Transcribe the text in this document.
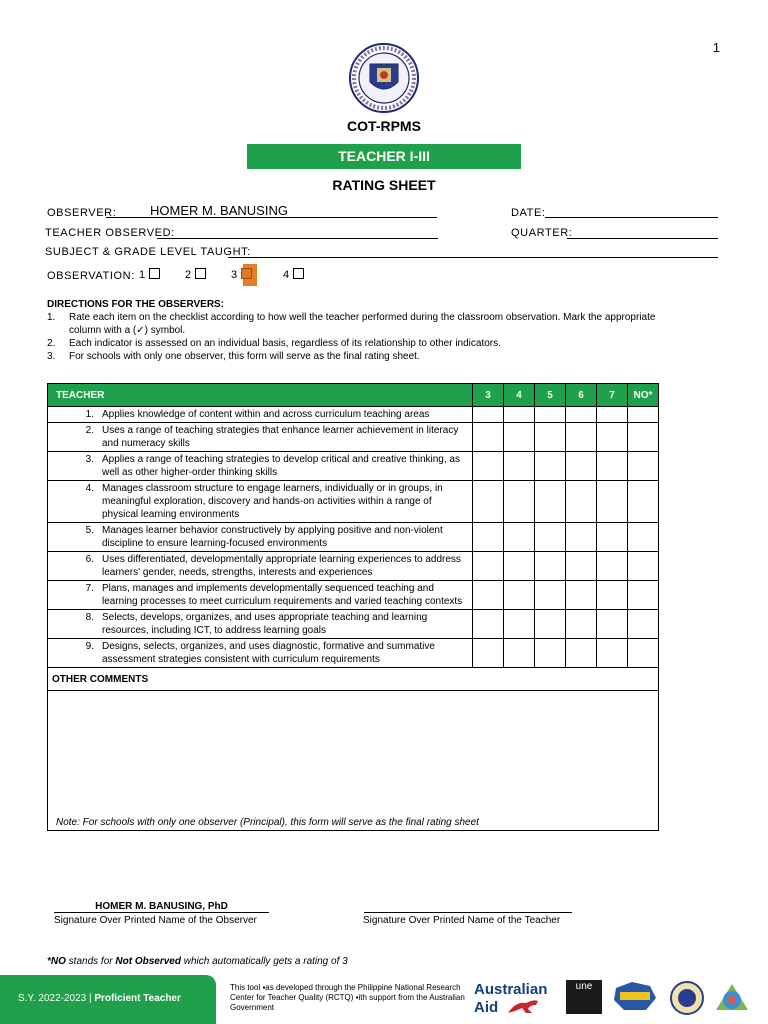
1
COT-RPMS
TEACHER I-III
RATING SHEET
OBSERVER:	HOMER M. BANUSING	DATE:
TEACHER OBSERVED:	QUARTER:
SUBJECT & GRADE LEVEL TAUGHT:
OBSERVATION: 1	2	3	4
DIRECTIONS FOR THE OBSERVERS:
1. Rate each item on the checklist according to how well the teacher performed during the classroom observation. Mark the appropriate column with a (✓) symbol.
2. Each indicator is assessed on an individual basis, regardless of its relationship to other indicators.
3. For schools with only one observer, this form will serve as the final rating sheet.
TEACHER	3	4	5	6	7	NO*

1. Applies knowledge of content within and across curriculum teaching areas						

2. Uses a range of teaching strategies that enhance learner achievement in literacy and numeracy skills						

3. Applies a range of teaching strategies to develop critical and creative thinking, as well as other higher-order thinking skills						

4. Manages classroom structure to engage learners, individually or in groups, in meaningful exploration, discovery and hands-on activities within a range of physical learning environments						

5. Manages learner behavior constructively by applying positive and non-violent discipline to ensure learning-focused environments						

6. Uses differentiated, developmentally appropriate learning experiences to address learners' gender, needs, strengths, interests and experiences						

7. Plans, manages and implements developmentally sequenced teaching and learning processes to meet curriculum requirements and varied teaching contexts						

8. Selects, develops, organizes, and uses appropriate teaching and learning resources, including ICT, to address learning goals						

9. Designs, selects, organizes, and uses diagnostic, formative and summative assessment strategies consistent with curriculum requirements						

OTHER COMMENTS						
Note: For schools with only one observer (Principal), this form will serve as the final rating sheet						
HOMER M. BANUSING, PhD
Signature Over Printed Name of the Observer	Signature Over Printed Name of the Teacher
*NO stands for Not Observed which automatically gets a rating of 3
S.Y. 2022-2023 | Proficient Teacher
This tool ▪as developed through the Philippine National Research Center for Teacher Quality (RCTQ) ▪ith support from the Australian Government
Australian
Aid
une
